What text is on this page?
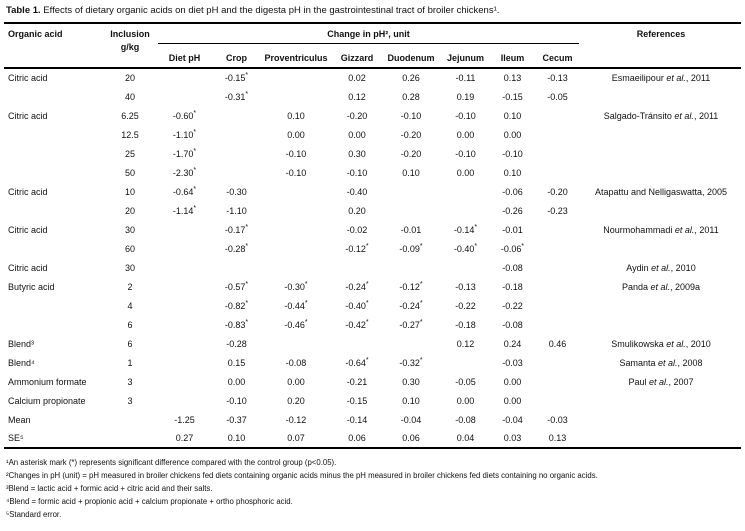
Table 1. Effects of dietary organic acids on diet pH and the digesta pH in the gastrointestinal tract of broiler chickens¹.
Organic acid	Inclusion
g/kg	Change in pH², unit								References
		Diet pH	Crop	Proventriculus	Gizzard	Duodenum	Jejunum	Ileum	Cecum	
Citric acid	20		-0.15*		0.02	0.26	-0.11	0.13	-0.13	Esmaeilipour et al., 2011
	40		-0.31*		0.12	0.28	0.19	-0.15	-0.05	
Citric acid	6.25	-0.60*		0.10	-0.20	-0.10	-0.10	0.10		Salgado-Tránsito et al., 2011
	12.5	-1.10*		0.00	0.00	-0.20	0.00	0.00		
	25	-1.70*		-0.10	0.30	-0.20	-0.10	-0.10		
	50	-2.30*		-0.10	-0.10	0.10	0.00	0.10		
Citric acid	10	-0.64*	-0.30		-0.40			-0.06	-0.20	Atapattu and Nelligaswatta, 2005
	20	-1.14*	-1.10		0.20			-0.26	-0.23	
Citric acid	30		-0.17*		-0.02	-0.01	-0.14*	-0.01		Nourmohammadi et al., 2011
	60		-0.28*		-0.12*	-0.09*	-0.40*	-0.06*		
Citric acid	30							-0.08		Aydin et al., 2010
Butyric acid	2		-0.57*	-0.30*	-0.24*	-0.12*	-0.13	-0.18		Panda et al., 2009a
	4		-0.82*	-0.44*	-0.40*	-0.24*	-0.22	-0.22		
	6		-0.83*	-0.46*	-0.42*	-0.27*	-0.18	-0.08		
Blend³	6		-0.28				0.12	0.24	0.46	Smulikowska et al., 2010
Blend⁴	1		0.15	-0.08	-0.64*	-0.32*		-0.03		Samanta et al., 2008
Ammonium formate	3		0.00	0.00	-0.21	0.30	-0.05	0.00		Paul et al., 2007
Calcium propionate	3		-0.10	0.20	-0.15	0.10	0.00	0.00		
Mean		-1.25	-0.37	-0.12	-0.14	-0.04	-0.08	-0.04	-0.03	
SE⁵		0.27	0.10	0.07	0.06	0.06	0.04	0.03	0.13	
¹An asterisk mark (*) represents significant difference compared with the control group (p<0.05).
²Changes in pH (unit) = pH measured in broiler chickens fed diets containing organic acids minus the pH measured in broiler chickens fed diets containing no organic acids.
³Blend = lactic acid + formic acid + citric acid and their salts.
⁴Blend = formic acid + propionic acid + calcium propionate + ortho phosphoric acid.
⁵Standard error.
